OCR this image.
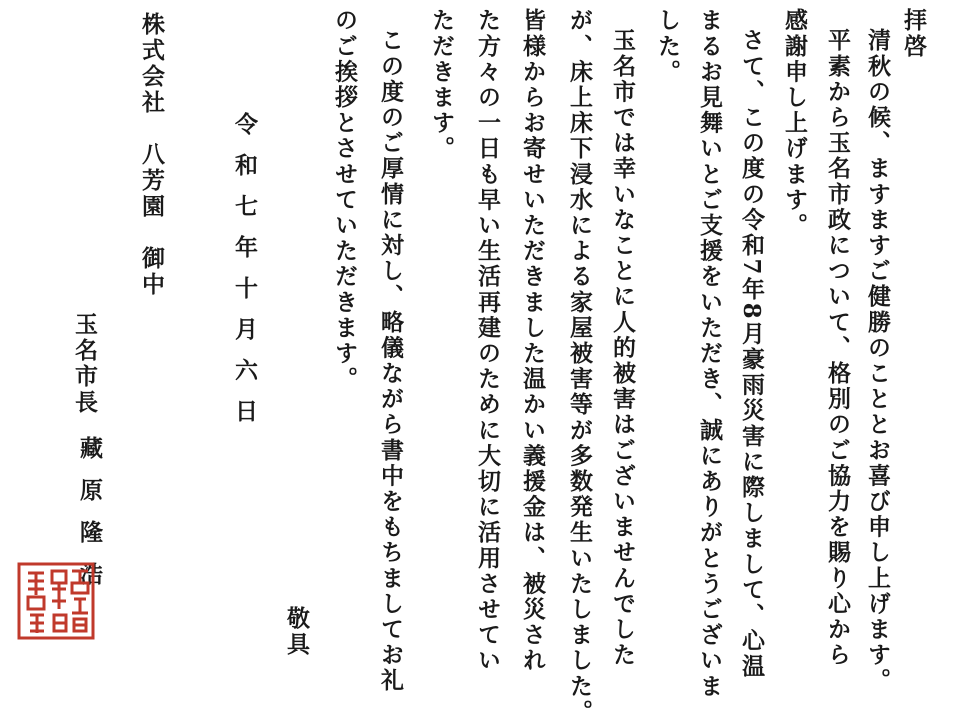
拝啓
清秋の候、ますますご健勝のこととお喜び申し上げます。
平素から玉名市政について、格別のご協力を賜り心から
感謝申し上げます。
さて、この度の令和7年8月豪雨災害に際しまして、心温
まるお見舞いとご支援をいただき、誠にありがとうございま
した。
玉名市では幸いなことに人的被害はございませんでした
が、床上床下浸水による家屋被害等が多数発生いたしました。
皆様からお寄せいただきました温かい義援金は、被災され
た方々の一日も早い生活再建のために大切に活用させてい
ただきます。
この度のご厚情に対し、略儀ながら書中をもちましてお礼
のご挨拶とさせていただきます。
敬具
令和七年十月六日
株式会社　八芳園　御中
玉名市長
藏原隆浩
